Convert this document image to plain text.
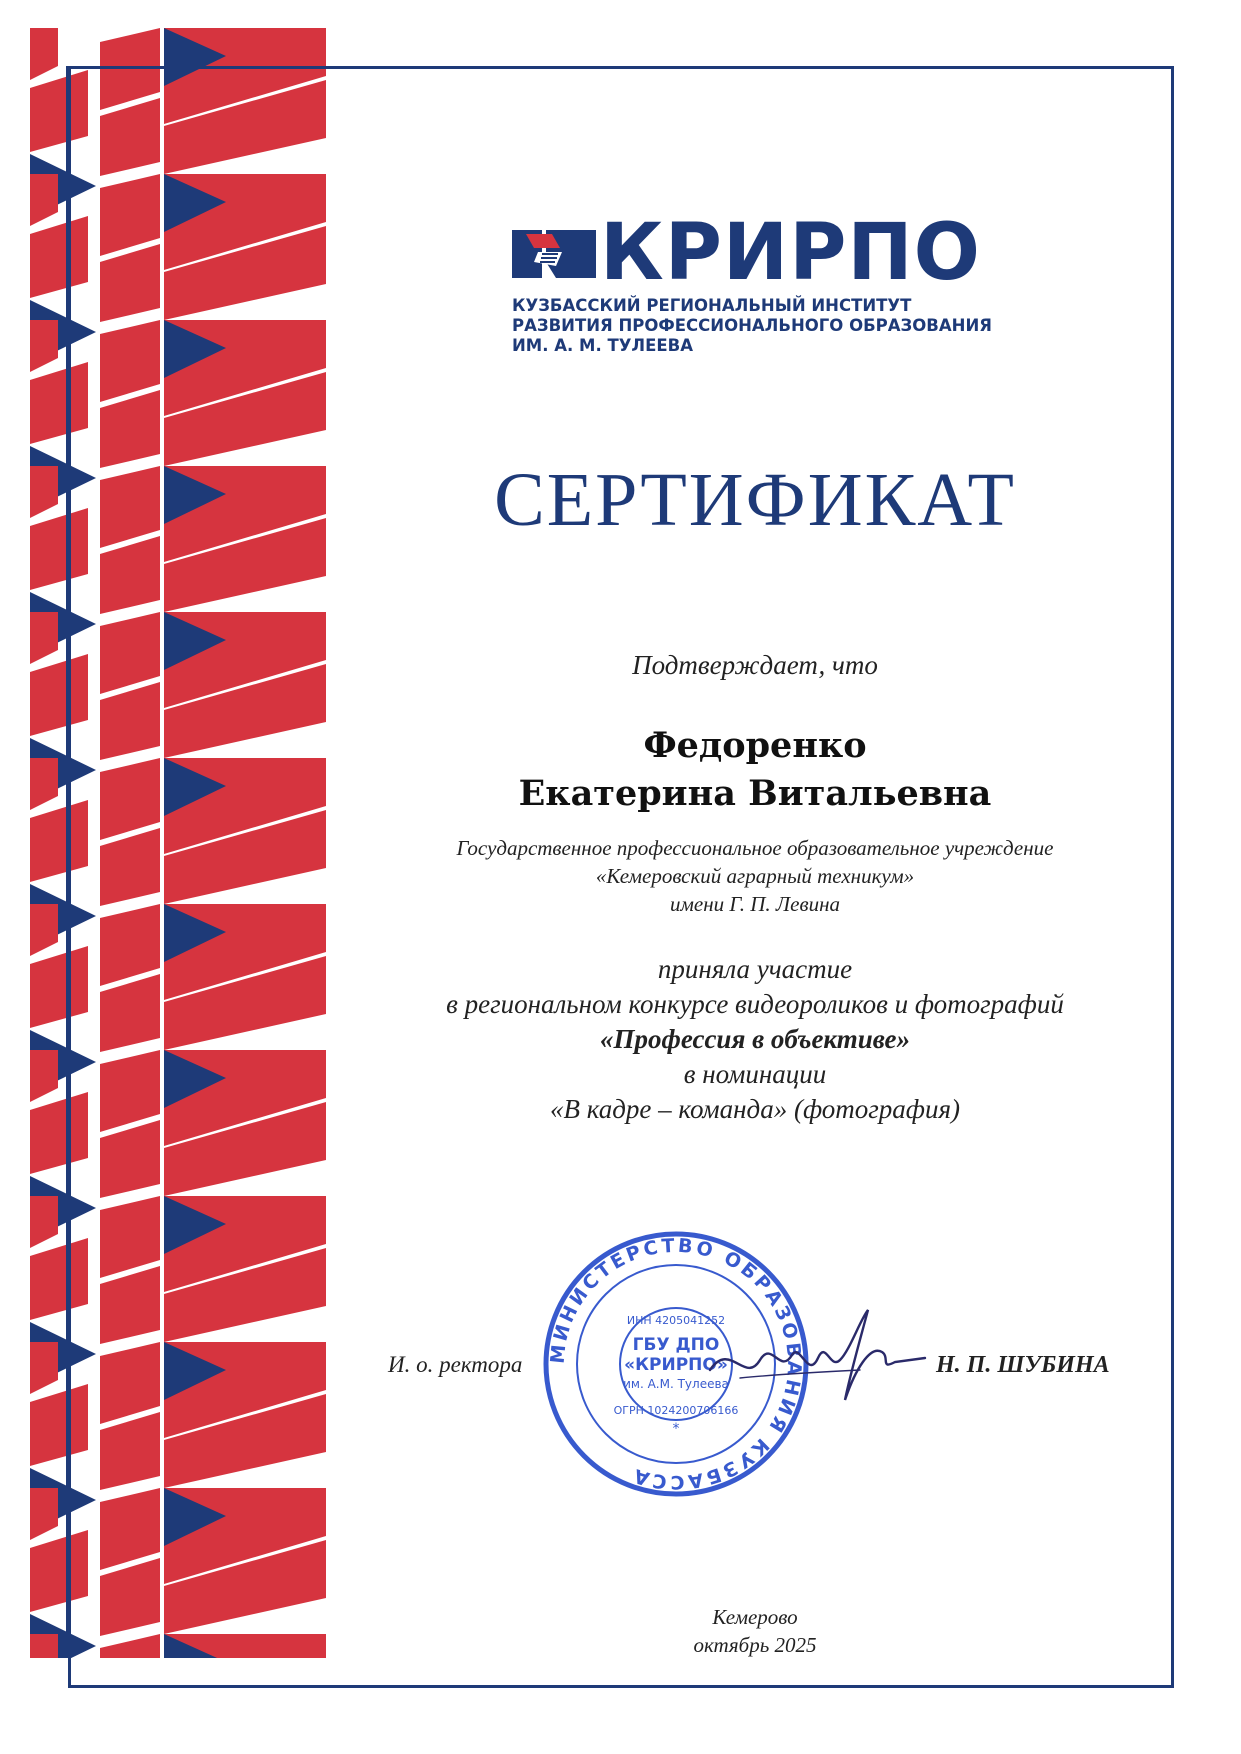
КРИРПО
КУЗБАССКИЙ РЕГИОНАЛЬНЫЙ ИНСТИТУТ
РАЗВИТИЯ ПРОФЕССИОНАЛЬНОГО ОБРАЗОВАНИЯ
ИМ. А. М. ТУЛЕЕВА
СЕРТИФИКАТ
Подтверждает, что
Федоренко
Екатерина Витальевна
Государственное профессиональное образовательное учреждение
«Кемеровский аграрный техникум»
имени Г. П. Левина
приняла участие
в региональном конкурсе видеороликов и фотографий
«Профессия в объективе»
в номинации
«В кадре – команда» (фотография)
И. о. ректора МИНИСТЕРСТВО ОБРАЗОВАНИЯ КУЗБАССА
ГБУ ДПО
«КРИРПО»
им. А.М. Тулеева
ИНН 4205041252
ОГРН 1024200706166
*
Н. П. ШУБИНА
Кемерово
октябрь 2025
